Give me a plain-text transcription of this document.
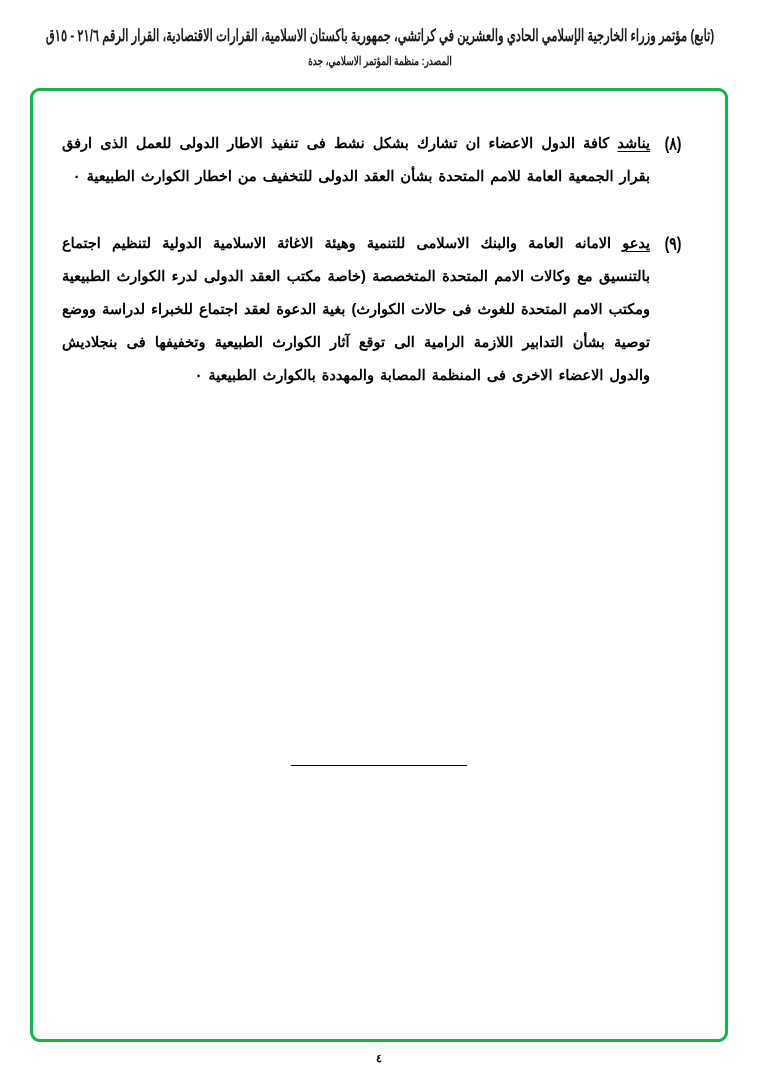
(تابع) مؤتمر وزراء الخارجية الإسلامي الحادي والعشرين في كراتشي، جمهورية باكستان الاسلامية، القرارات الاقتصادية، القرار الرقم ٢١/٦ ‑ ١٥ق
المصدر: منظمة المؤتمر الاسلامي، جدة
(٨)
يناشد كافة الدول الاعضاء ان تشارك بشكل نشط فى تنفيذ الاطار الدولى للعمل الذى ارفق بقرار الجمعية العامة للامم المتحدة بشأن العقد الدولى للتخفيف من اخطار الكوارث الطبيعية ٠
(٩)
يدعو الامانه العامة والبنك الاسلامى للتنمية وهيئة الاغاثة الاسلامية الدولية لتنظيم اجتماع بالتنسيق مع وكالات الامم المتحدة المتخصصة (خاصة مكتب العقد الدولى لدرء الكوارث الطبيعية ومكتب الامم المتحدة للغوث فى حالات الكوارث) بغية الدعوة لعقد اجتماع للخبراء لدراسة ووضع توصية بشأن التدابير اللازمة الرامية الى توقع آثار الكوارث الطبيعية وتخفيفها فى بنجلاديش والدول الاعضاء الاخرى فى المنظمة المصابة والمهددة بالكوارث الطبيعية ٠
٤
